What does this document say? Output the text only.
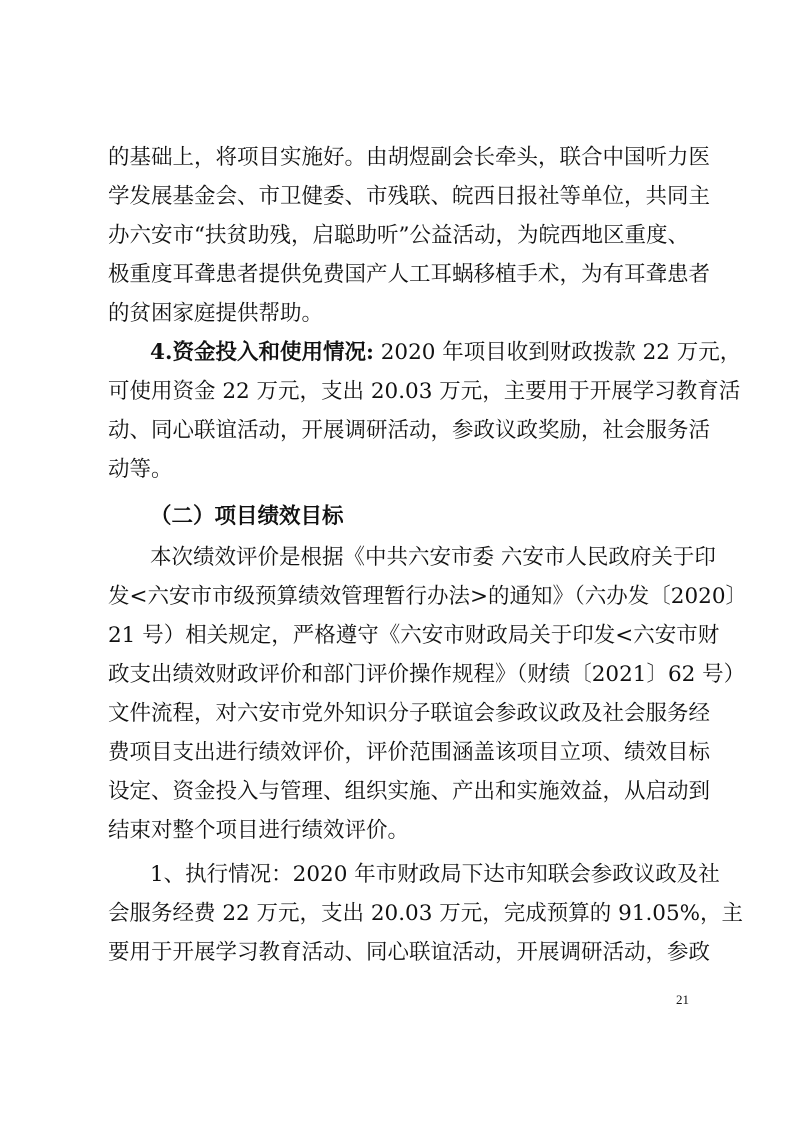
的基础上，将项目实施好。由胡煜副会长牵头，联合中国听力医
学发展基金会、市卫健委、市残联、皖西日报社等单位，共同主
办六安市“扶贫助残，启聪助听”公益活动，为皖西地区重度、
极重度耳聋患者提供免费国产人工耳蜗移植手术，为有耳聋患者
的贫困家庭提供帮助。
4.资金投入和使用情况: 2020 年项目收到财政拨款 22 万元，
可使用资金 22 万元，支出 20.03 万元，主要用于开展学习教育活
动、同心联谊活动，开展调研活动，参政议政奖励，社会服务活
动等。
（二）项目绩效目标
本次绩效评价是根据《中共六安市委 六安市人民政府关于印
发<六安市市级预算绩效管理暂行办法>的通知》（六办发〔2020〕
21 号）相关规定，严格遵守《六安市财政局关于印发<六安市财
政支出绩效财政评价和部门评价操作规程》（财绩〔2021〕62 号）
文件流程，对六安市党外知识分子联谊会参政议政及社会服务经
费项目支出进行绩效评价，评价范围涵盖该项目立项、绩效目标
设定、资金投入与管理、组织实施、产出和实施效益，从启动到
结束对整个项目进行绩效评价。
1、执行情况：2020 年市财政局下达市知联会参政议政及社
会服务经费 22 万元，支出 20.03 万元，完成预算的 91.05%，主
要用于开展学习教育活动、同心联谊活动，开展调研活动，参政
21
